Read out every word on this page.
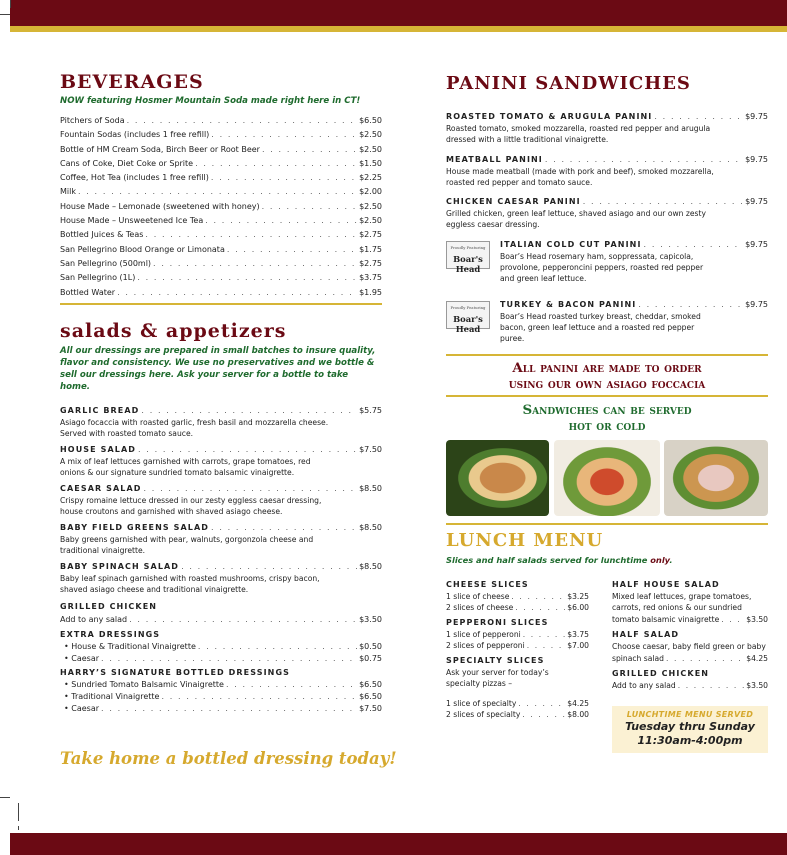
BEVERAGES
NOW featuring Hosmer Mountain Soda made right here in CT!
Pitchers of Soda . . .	$6.50
Fountain Sodas (includes 1 free refill) . . .	$2.50
Bottle of HM Cream Soda, Birch Beer or Root Beer . . .	$2.50
Cans of Coke, Diet Coke or Sprite . . .	$1.50
Coffee, Hot Tea (includes 1 free refill) . . .	$2.25
Milk . . .	$2.00
House Made – Lemonade (sweetened with honey) . . .	$2.50
House Made – Unsweetened Ice Tea . . .	$2.50
Bottled Juices & Teas . . .	$2.75
San Pellegrino Blood Orange or Limonata . . .	$1.75
San Pellegrino (500ml) . . .	$2.75
San Pellegrino (1L) . . .	$3.75
Bottled Water . . .	$1.95
salads & appetizers
All our dressings are prepared in small batches to insure quality, flavor and consistency. We use no preservatives and we bottle & sell our dressings here. Ask your server for a bottle to take home.
GARLIC BREAD . . .	$5.75
Asiago focaccia with roasted garlic, fresh basil and mozzarella cheese. Served with roasted tomato sauce.
HOUSE SALAD . . .	$7.50
A mix of leaf lettuces garnished with carrots, grape tomatoes, red onions & our signature sundried tomato balsamic vinaigrette.
CAESAR SALAD . . .	$8.50
Crispy romaine lettuce dressed in our zesty eggless caesar dressing, house croutons and garnished with shaved asiago cheese.
BABY FIELD GREENS SALAD . . .	$8.50
Baby greens garnished with pear, walnuts, gorgonzola cheese and traditional vinaigrette.
BABY SPINACH SALAD . . .	$8.50
Baby leaf spinach garnished with roasted mushrooms, crispy bacon, shaved asiago cheese and traditional vinaigrette.
GRILLED CHICKEN
Add to any salad . . .	$3.50
EXTRA DRESSINGS
• House & Traditional Vinaigrette . . .	$0.50
• Caesar . . .	$0.75
HARRY’S SIGNATURE BOTTLED DRESSINGS
• Sundried Tomato Balsamic Vinaigrette . . .	$6.50
• Traditional Vinaigrette . . .	$6.50
• Caesar . . .	$7.50
Take home a bottled dressing today!
PANINI SANDWICHES
ROASTED TOMATO & ARUGULA PANINI . . .	$9.75
Roasted tomato, smoked mozzarella, roasted red pepper and arugula dressed with a little traditional vinaigrette.
MEATBALL PANINI . . .	$9.75
House made meatball (made with pork and beef), smoked mozzarella, roasted red pepper and tomato sauce.
CHICKEN CAESAR PANINI . . .	$9.75
Grilled chicken, green leaf lettuce, shaved asiago and our own zesty eggless caesar dressing.
Proudly Featuring
Boar's Head
ITALIAN COLD CUT PANINI . . .	$9.75
Boar’s Head rosemary ham, soppressata, capicola, provolone, pepperoncini peppers, roasted red pepper and green leaf lettuce.
Proudly Featuring
Boar's Head
TURKEY & BACON PANINI . . .	$9.75
Boar’s Head roasted turkey breast, cheddar, smoked bacon, green leaf lettuce and a roasted red pepper puree.
All panini are made to order
using our own asiago foccacia
Sandwiches can be served
hot or cold
LUNCH MENU
Slices and half salads served for lunchtime only.
CHEESE SLICES
1 slice of cheese . . .	$3.25
2 slices of cheese . . .	$6.00
PEPPERONI SLICES
1 slice of pepperoni . . .	$3.75
2 slices of pepperoni . . .	$7.00
SPECIALTY SLICES
Ask your server for today’s specialty pizzas –
1 slice of specialty . . .	$4.25
2 slices of specialty . . .	$8.00
HALF HOUSE SALAD
Mixed leaf lettuces, grape tomatoes, carrots, red onions & our sundried
tomato balsamic vinaigrette . . .	$3.50
HALF SALAD
Choose caesar, baby field green or baby
spinach salad . . .	$4.25
GRILLED CHICKEN
Add to any salad . . .	$3.50
LUNCHTIME MENU SERVED
Tuesday thru Sunday
11:30am-4:00pm
